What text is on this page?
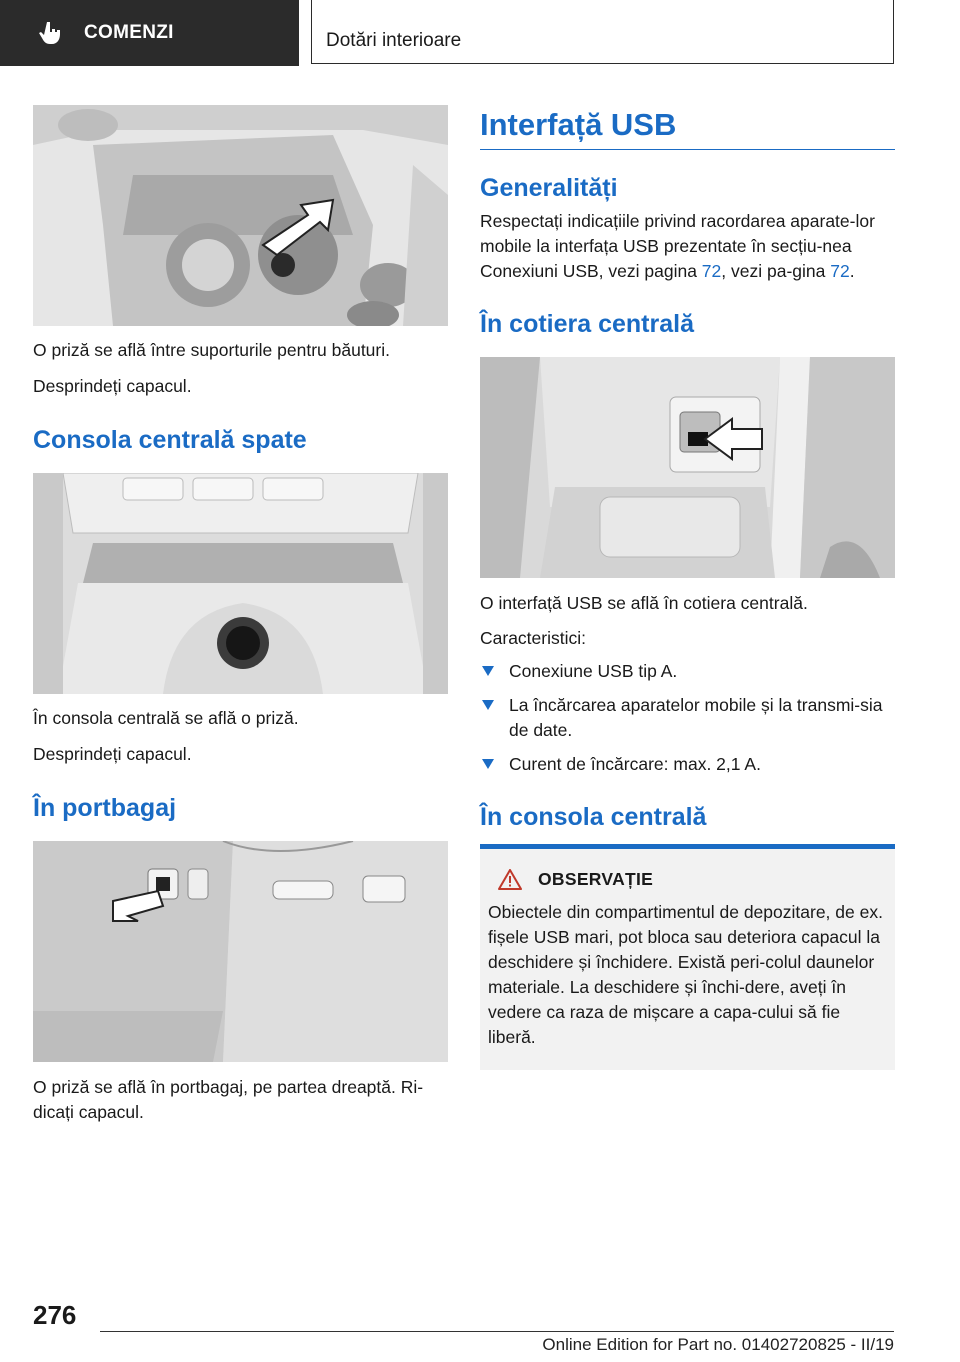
COMENZI	Dotări interioare

O priză se află între suporturile pentru băuturi.

Desprindeți capacul.

Consola centrală spate

În consola centrală se află o priză.

Desprindeți capacul.

În portbagaj

O priză se află în portbagaj, pe partea dreaptă. Ri-dicați capacul.

Interfață USB
Generalități

Respectați indicațiile privind racordarea aparate-lor mobile la interfața USB prezentate în secțiu-nea Conexiuni USB, vezi pagina 72, vezi pa-gina 72.

În cotiera centrală

O interfață USB se află în cotiera centrală.

Caracteristici:

Conexiune USB tip A.
La încărcarea aparatelor mobile și la transmi-sia de date.
Curent de încărcare: max. 2,1 A.
În consola centrală
OBSERVAȚIE

Obiectele din compartimentul de depozitare, de ex. fișele USB mari, pot bloca sau deteriora capacul la deschidere și închidere. Există peri-colul daunelor materiale. La deschidere și închi-dere, aveți în vedere ca raza de mișcare a capa-cului să fie liberă.

276
Online Edition for Part no. 01402720825 - II/19
